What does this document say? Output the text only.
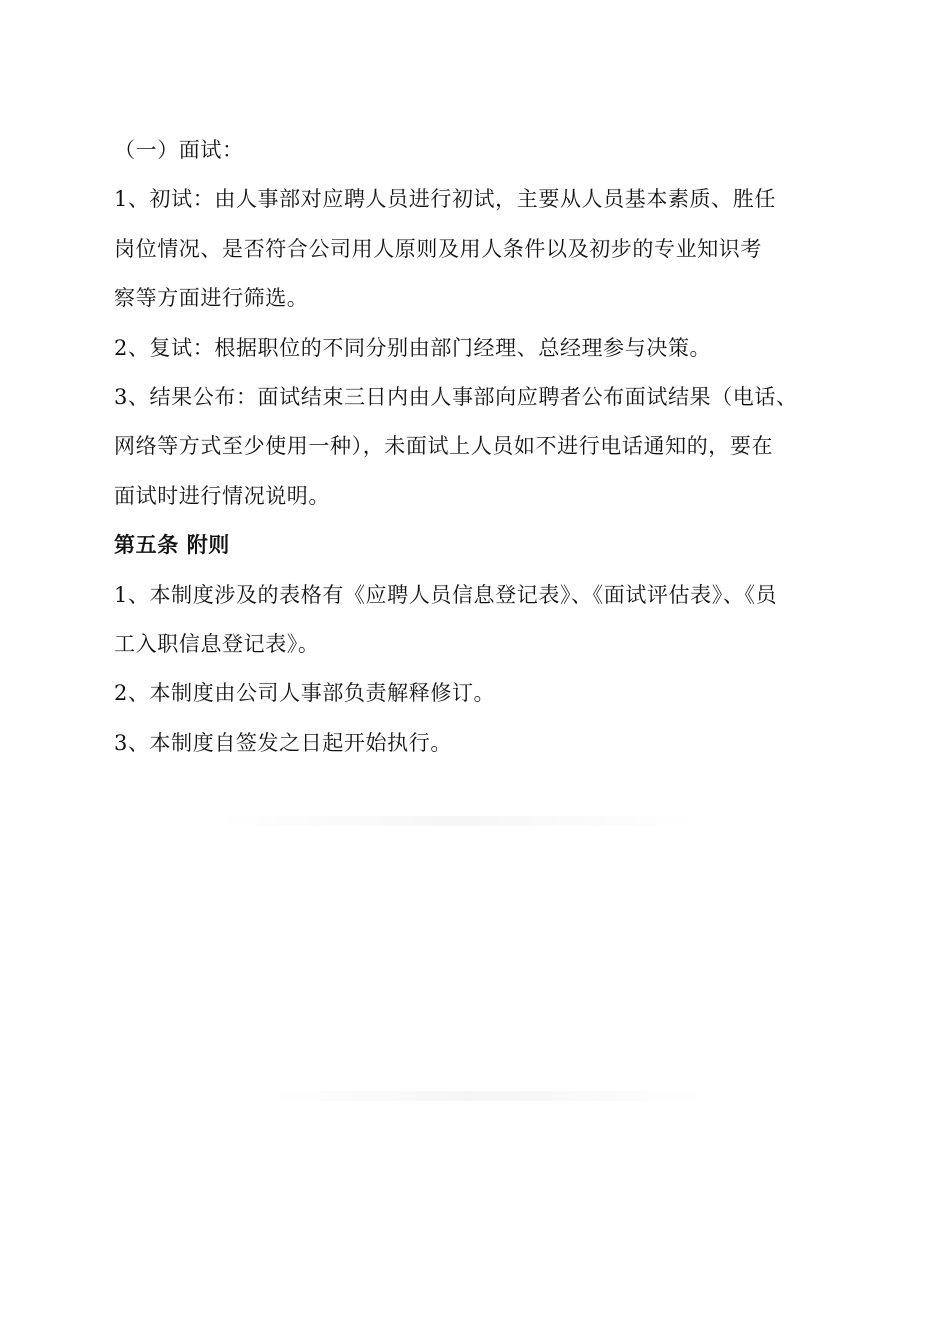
（一）面试：
1、初试：由人事部对应聘人员进行初试，主要从人员基本素质、胜任
岗位情况、是否符合公司用人原则及用人条件以及初步的专业知识考
察等方面进行筛选。
2、复试：根据职位的不同分别由部门经理、总经理参与决策。
3、结果公布：面试结束三日内由人事部向应聘者公布面试结果（电话、
网络等方式至少使用一种），未面试上人员如不进行电话通知的，要在
面试时进行情况说明。
第五条 附则
1、本制度涉及的表格有《应聘人员信息登记表》、《面试评估表》、《员
工入职信息登记表》。
2、本制度由公司人事部负责解释修订。
3、本制度自签发之日起开始执行。
